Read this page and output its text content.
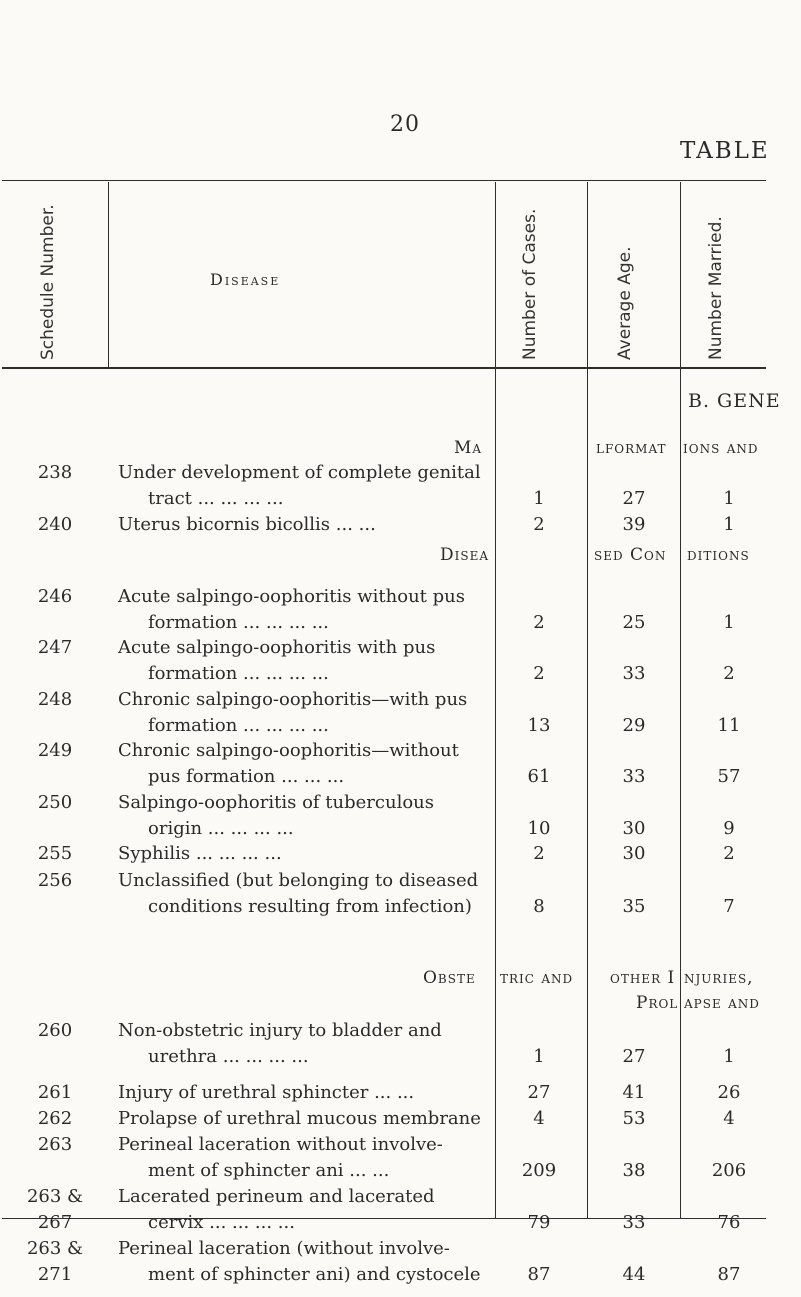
20
TABLE
Schedule Number.	Disease	Number of Cases.	Average Age.	Number Married.
B. GENE
Ma	lformat ions and
Disea	sed Con ditions
Obste tric and other I njuries,
Prol apse and
238	Under development of complete genital
tract ... ... ... ...	1	27	1
240	Uterus bicornis bicollis ... ...	2	39	1
246	Acute salpingo-oophoritis without pus
formation ... ... ... ...	2	25	1
247	Acute salpingo-oophoritis with pus
formation ... ... ... ...	2	33	2
248	Chronic salpingo-oophoritis—with pus
formation ... ... ... ...	13	29	11
249	Chronic salpingo-oophoritis—without
pus formation ... ... ...	61	33	57
250	Salpingo-oophoritis of tuberculous
origin ... ... ... ...	10	30	9
255	Syphilis ... ... ... ...	2	30	2
256	Unclassified (but belonging to diseased
conditions resulting from infection)	8	35	7
260	Non-obstetric injury to bladder and
urethra ... ... ... ...	1	27	1
261	Injury of urethral sphincter ... ...	27	41	26
262	Prolapse of urethral mucous membrane	4	53	4
263	Perineal laceration without involve-
ment of sphincter ani ... ...	209	38	206
263 &
267
Lacerated perineum and lacerated
cervix ... ... ... ...	79	33	76
263 &
271
Perineal laceration (without involve-
ment of sphincter ani) and cystocele	87	44	87
